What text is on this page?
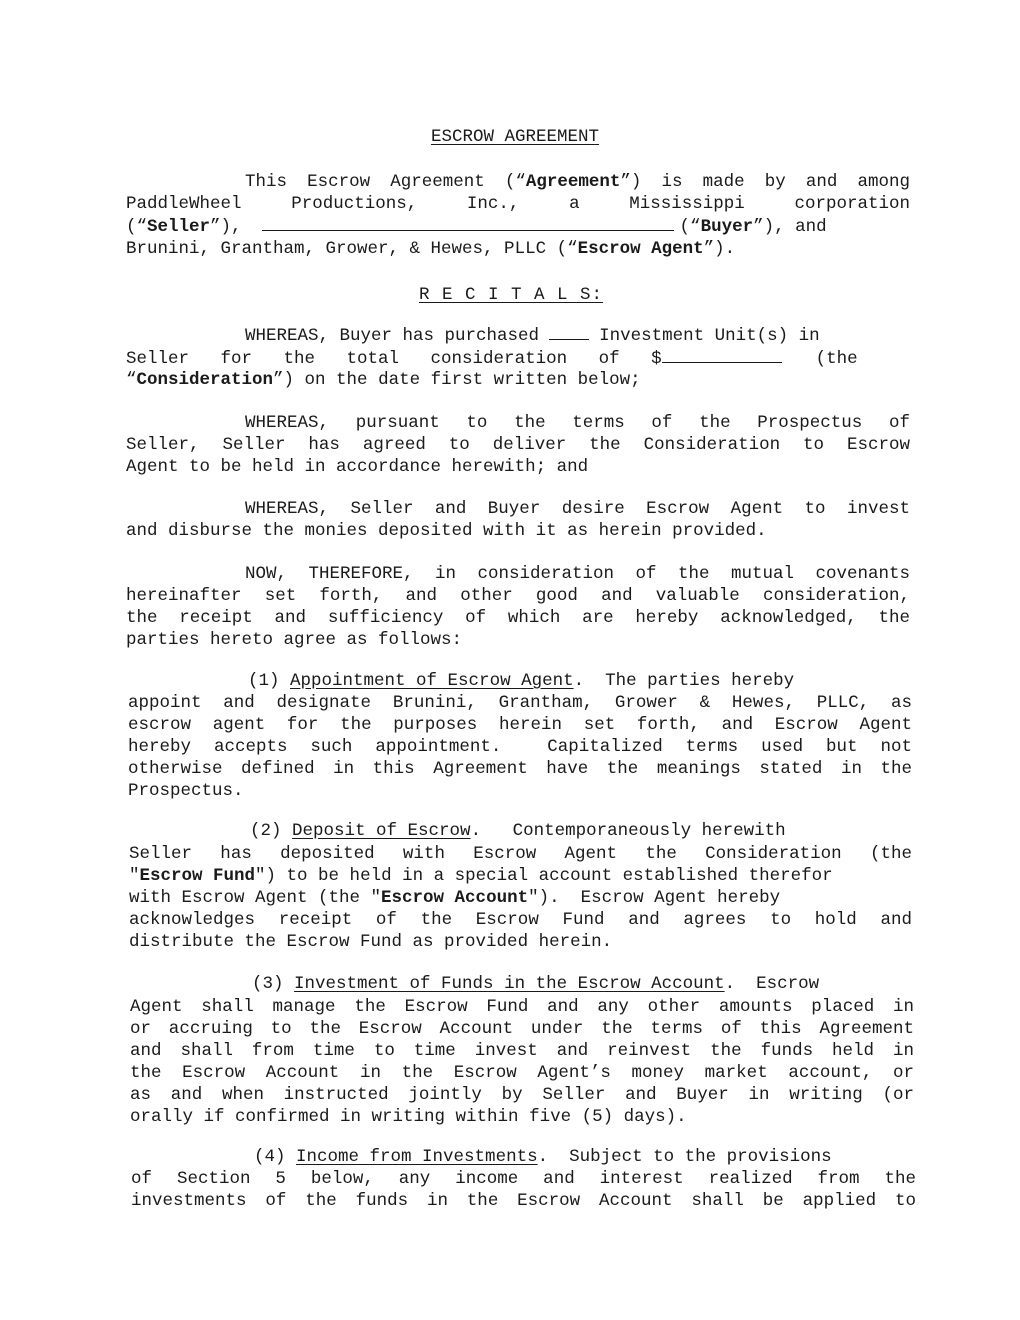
ESCROW AGREEMENT
This Escrow Agreement (“Agreement”) is made by and among
PaddleWheel  Productions,  Inc.,  a  Mississippi  corporation
(“Seller”),	(“Buyer”), and
Brunini, Grantham, Grower, & Hewes, PLLC (“Escrow Agent”).
R E C I T A L S:
WHEREAS, Buyer has purchased	Investment Unit(s) in
Seller   for   the   total   consideration   of   $	(the
“Consideration”) on the date first written below;
WHEREAS, pursuant to the terms of the Prospectus of
Seller, Seller has agreed to deliver the Consideration to Escrow
Agent to be held in accordance herewith; and
WHEREAS, Seller and Buyer desire Escrow Agent to invest
and disburse the monies deposited with it as herein provided.
NOW, THEREFORE, in consideration of the mutual covenants
hereinafter set forth, and other good and valuable consideration,
the receipt and sufficiency of which are hereby acknowledged, the
parties hereto agree as follows:
(1) Appointment of Escrow Agent.  The parties hereby
appoint and designate Brunini, Grantham, Grower & Hewes, PLLC, as
escrow agent for the purposes herein set forth, and Escrow Agent
hereby accepts such appointment.  Capitalized terms used but not
otherwise defined in this Agreement have the meanings stated in the
Prospectus.
(2) Deposit of Escrow.   Contemporaneously herewith
Seller has deposited with Escrow Agent the Consideration (the
"Escrow Fund") to be held in a special account established therefor
with Escrow Agent (the "Escrow Account").  Escrow Agent hereby
acknowledges receipt of the Escrow Fund and agrees to hold and
distribute the Escrow Fund as provided herein.
(3) Investment of Funds in the Escrow Account.  Escrow
Agent shall manage the Escrow Fund and any other amounts placed in
or accruing to the Escrow Account under the terms of this Agreement
and shall from time to time invest and reinvest the funds held in
the Escrow Account in the Escrow Agent’s money market account, or
as and when instructed jointly by Seller and Buyer in writing (or
orally if confirmed in writing within five (5) days).
(4) Income from Investments.  Subject to the provisions
of Section 5 below, any income and interest realized from the
investments of the funds in the Escrow Account shall be applied to
